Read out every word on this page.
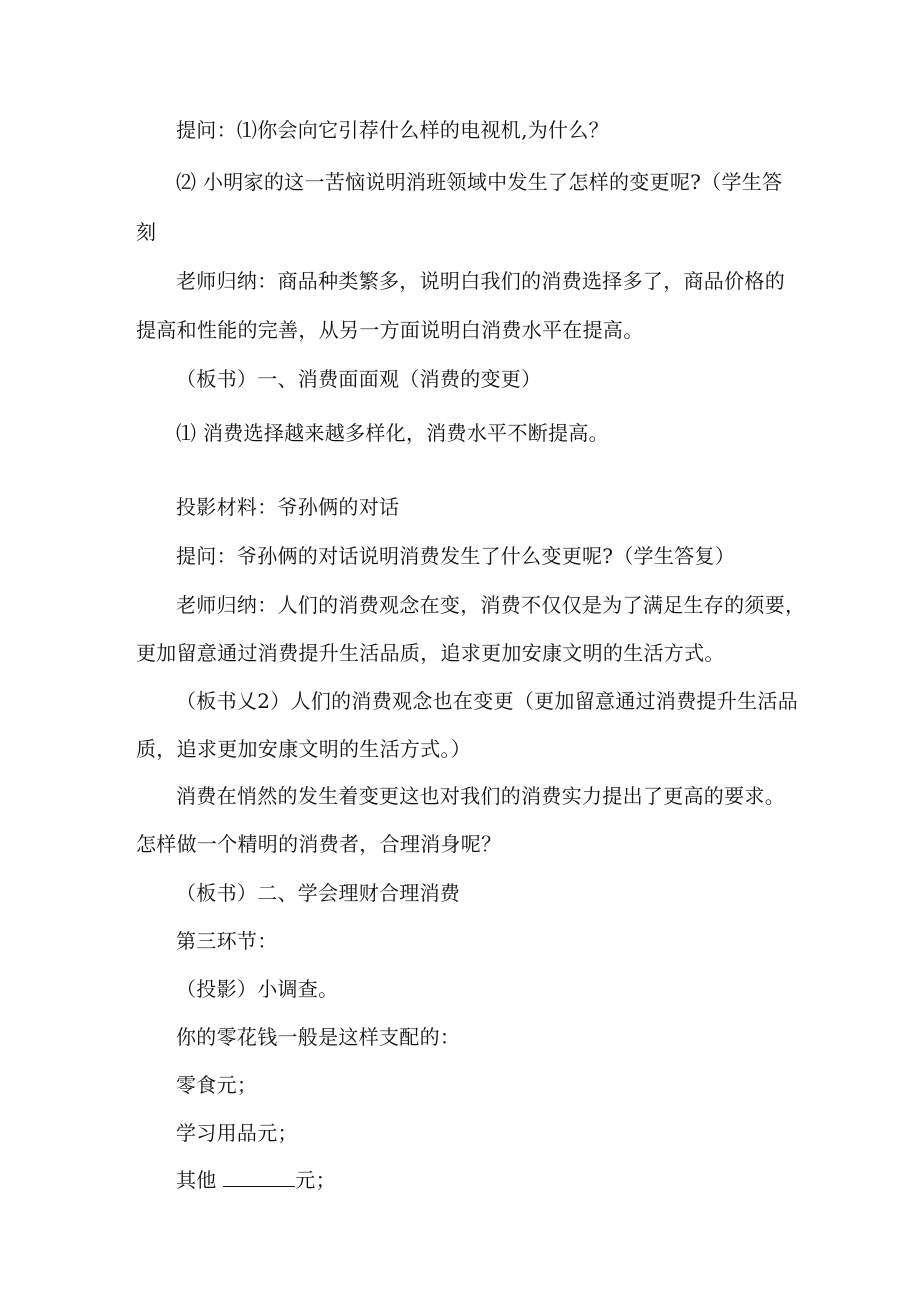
提问：⑴你会向它引荐什么样的电视机,为什么？
⑵ 小明家的这一苦恼说明消班领域中发生了怎样的变更呢?（学生答
刻
老师归纳：商品种类繁多，说明白我们的消费选择多了，商品价格的
提高和性能的完善，从另一方面说明白消费水平在提高。
（板书）一、消费面面观（消费的变更）
⑴ 消费选择越来越多样化，消费水平不断提高。
投影材料：爷孙俩的对话
提问：爷孙俩的对话说明消费发生了什么变更呢?（学生答复）
老师归纳：人们的消费观念在变，消费不仅仅是为了满足生存的须要，
更加留意通过消费提升生活品质，追求更加安康文明的生活方式。
（板书乂2）人们的消费观念也在变更（更加留意通过消费提升生活品
质，追求更加安康文明的生活方式。）
消费在悄然的发生着变更这也对我们的消费实力提出了更高的要求。
怎样做一个精明的消费者，合理消身呢？
（板书）二、学会理财合理消费
第三环节：
（投影）小调查。
你的零花钱一般是这样支配的：
零食元；
学习用品元；
其他	元；
